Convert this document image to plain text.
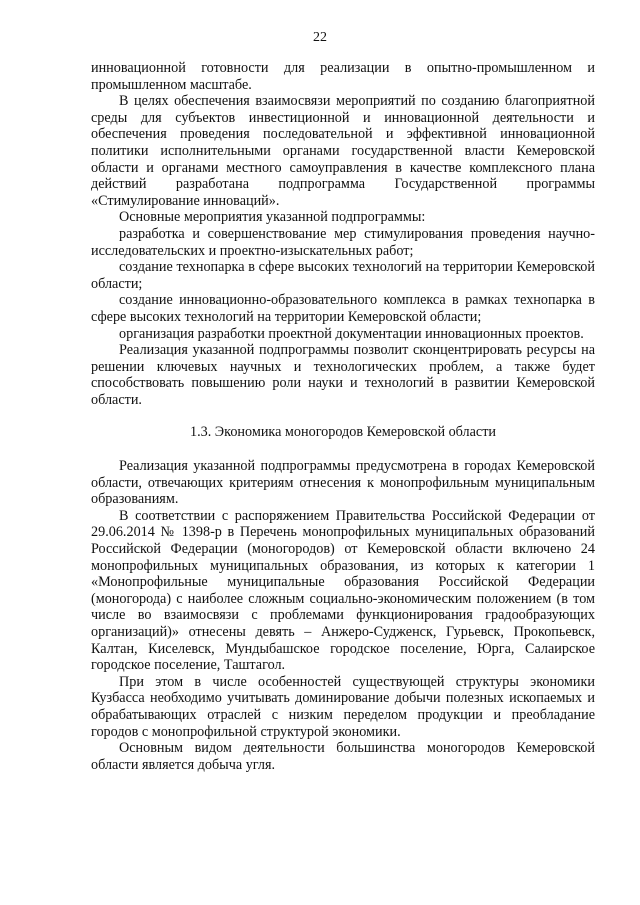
22

инновационной готовности для реализации в опытно-промышленном и промышленном масштабе.

В целях обеспечения взаимосвязи мероприятий по созданию благоприятной среды для субъектов инвестиционной и инновационной деятельности и обеспечения проведения последовательной и эффективной инновационной политики исполнительными органами государственной власти Кемеровской области и органами местного самоуправления в качестве комплексного плана действий разработана подпрограмма Государственной программы «Стимулирование инноваций».

Основные мероприятия указанной подпрограммы:

разработка и совершенствование мер стимулирования проведения научно- исследовательских и проектно-изыскательных работ;

создание технопарка в сфере высоких технологий на территории Кемеровской области;

создание инновационно-образовательного комплекса в рамках технопарка в сфере высоких технологий на территории Кемеровской области;

организация разработки проектной документации инновационных проектов.

Реализация указанной подпрограммы позволит сконцентрировать ресурсы на решении ключевых научных и технологических проблем, а также будет способствовать повышению роли науки и технологий в развитии Кемеровской области.

1.3. Экономика моногородов Кемеровской области

Реализация указанной подпрограммы предусмотрена в городах Кемеровской области, отвечающих критериям отнесения к монопрофильным муниципальным образованиям.

В соответствии с распоряжением Правительства Российской Федерации от 29.06.2014 № 1398-р в Перечень монопрофильных муниципальных образований Российской Федерации (моногородов) от Кемеровской области включено 24 монопрофильных муниципальных образования, из которых к категории 1 «Монопрофильные муниципальные образования Российской Федерации (моногорода) с наиболее сложным социально-экономическим положением (в том числе во взаимосвязи с проблемами функционирования градообразующих организаций)» отнесены девять – Анжеро-Судженск, Гурьевск, Прокопьевск, Калтан, Киселевск, Мундыбашское городское поселение, Юрга, Салаирское городское поселение, Таштагол.

При этом в числе особенностей существующей структуры экономики Кузбасса необходимо учитывать доминирование добычи полезных ископаемых и обрабатывающих отраслей с низким переделом продукции и преобладание городов с монопрофильной структурой экономики.

Основным видом деятельности большинства моногородов Кемеровской области является добыча угля.
